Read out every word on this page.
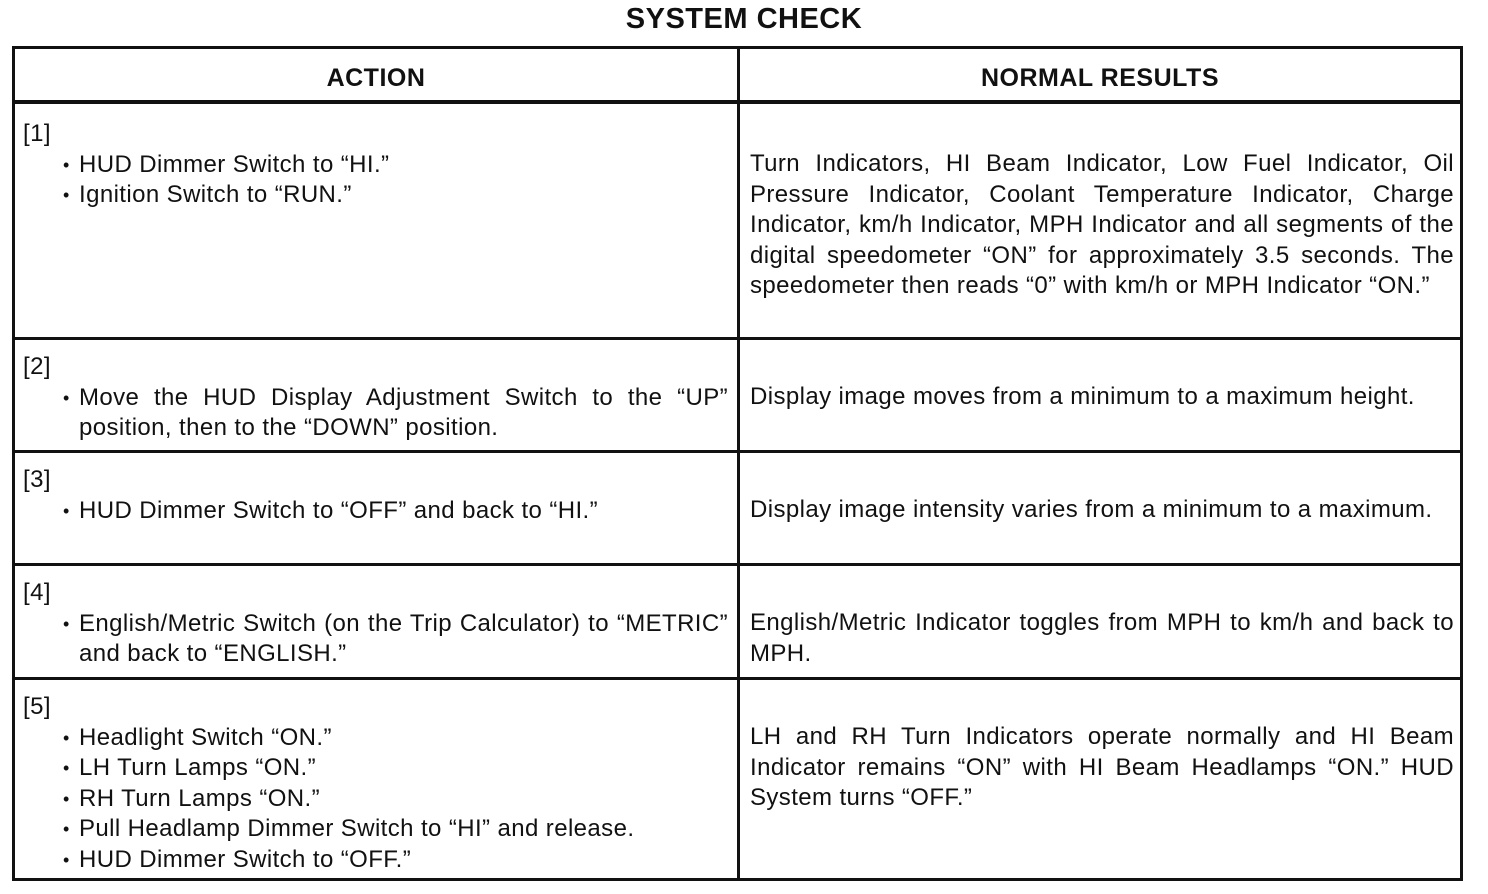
SYSTEM CHECK
ACTION	NORMAL RESULTS
[1]
• HUD Dimmer Switch to “HI.”
• Ignition Switch to “RUN.”
Turn Indicators, HI Beam Indicator, Low Fuel Indicator, Oil Pressure Indicator, Coolant Temperature Indicator, Charge Indicator, km/h Indicator, MPH Indicator and all segments of the digital speedometer “ON” for approximately 3.5 seconds. The speedometer then reads “0” with km/h or MPH Indicator “ON.”
[2]
• Move the HUD Display Adjustment Switch to the “UP” position, then to the “DOWN” position.
Display image moves from a minimum to a maximum height.
[3]
• HUD Dimmer Switch to “OFF” and back to “HI.”	Display image intensity varies from a minimum to a maximum.
[4]
• English/Metric Switch (on the Trip Calculator) to “METRIC” and back to “ENGLISH.”
English/Metric Indicator toggles from MPH to km/h and back to MPH.
[5]
• Headlight Switch “ON.”
• LH Turn Lamps “ON.”
• RH Turn Lamps “ON.”
• Pull Headlamp Dimmer Switch to “HI” and release.
• HUD Dimmer Switch to “OFF.”
LH and RH Turn Indicators operate normally and HI Beam Indicator remains “ON” with HI Beam Headlamps “ON.” HUD System turns “OFF.”
